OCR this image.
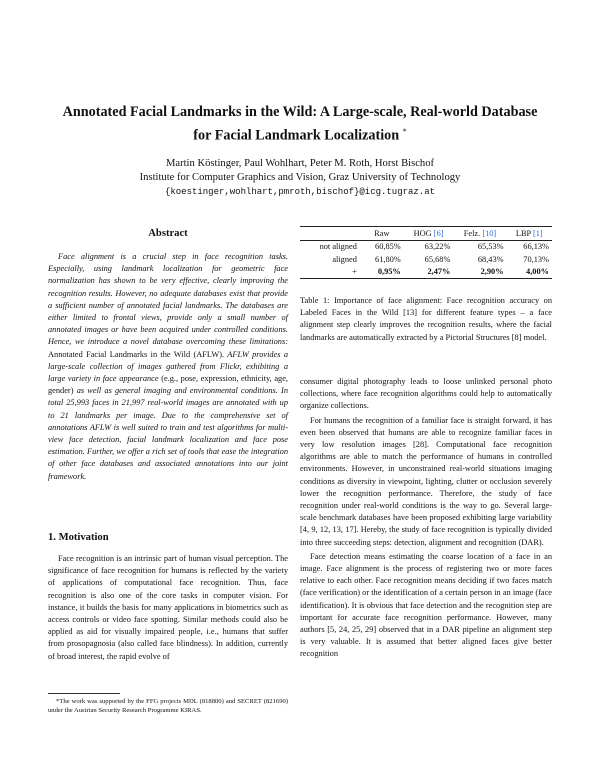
Annotated Facial Landmarks in the Wild: A Large-scale, Real-world Database
for Facial Landmark Localization *
Martin Köstinger, Paul Wohlhart, Peter M. Roth, Horst Bischof
Institute for Computer Graphics and Vision, Graz University of Technology
{koestinger,wohlhart,pmroth,bischof}@icg.tugraz.at
Abstract
Face alignment is a crucial step in face recognition tasks. Especially, using landmark localization for geometric face normalization has shown to be very effective, clearly improving the recognition results. However, no adequate databases exist that provide a sufficient number of annotated facial landmarks. The databases are either limited to frontal views, provide only a small number of annotated images or have been acquired under controlled conditions. Hence, we introduce a novel database overcoming these limitations: Annotated Facial Landmarks in the Wild (AFLW). AFLW provides a large-scale collection of images gathered from Flickr, exhibiting a large variety in face appearance (e.g., pose, expression, ethnicity, age, gender) as well as general imaging and environmental conditions. In total 25,993 faces in 21,997 real-world images are annotated with up to 21 landmarks per image. Due to the comprehensive set of annotations AFLW is well suited to train and test algorithms for multi-view face detection, facial landmark localization and face pose estimation. Further, we offer a rich set of tools that ease the integration of other face databases and associated annotations into our joint framework.
1. Motivation

Face recognition is an intrinsic part of human visual perception. The significance of face recognition for humans is reflected by the variety of applications of computational face recognition. Thus, face recognition is also one of the core tasks in computer vision. For instance, it builds the basis for many applications in biometrics such as access controls or video face spotting. Similar methods could also be applied as aid for visually impaired people, i.e., humans that suffer from prosopagnosia (also called face blindness). In addition, currently of broad interest, the rapid evolve of

*The work was supported by the FFG projects MDL (818800) and SECRET (821690) under the Austrian Security Research Programme KIRAS.
	Raw	HOG [6]	Felz. [10]	LBP [1]
not aligned	60,85%	63,22%	65,53%	66,13%
aligned	61,80%	65,68%	68,43%	70,13%
+	0,95%	2,47%	2,90%	4,00%
Table 1: Importance of face alignment: Face recognition accuracy on Labeled Faces in the Wild [13] for different feature types – a face alignment step clearly improves the recognition results, where the facial landmarks are automatically extracted by a Pictorial Structures [8] model.

consumer digital photography leads to loose unlinked personal photo collections, where face recognition algorithms could help to automatically organize collections.

For humans the recognition of a familiar face is straight forward, it has even been observed that humans are able to recognize familiar faces in very low resolution images [28]. Computational face recognition algorithms are able to match the performance of humans in controlled environments. However, in unconstrained real-world situations imaging conditions as diversity in viewpoint, lighting, clutter or occlusion severely lower the recognition performance. Therefore, the study of face recognition under real-world conditions is the way to go. Several large-scale benchmark databases have been proposed exhibiting large variability [4, 9, 12, 13, 17]. Hereby, the study of face recognition is typically divided into three succeeding steps: detection, alignment and recognition (DAR).

Face detection means estimating the coarse location of a face in an image. Face alignment is the process of registering two or more faces relative to each other. Face recognition means deciding if two faces match (face verification) or the identification of a certain person in an image (face identification). It is obvious that face detection and the recognition step are important for accurate face recognition performance. However, many authors [5, 24, 25, 29] observed that in a DAR pipeline an alignment step is very valuable. It is assumed that better aligned faces give better recognition
